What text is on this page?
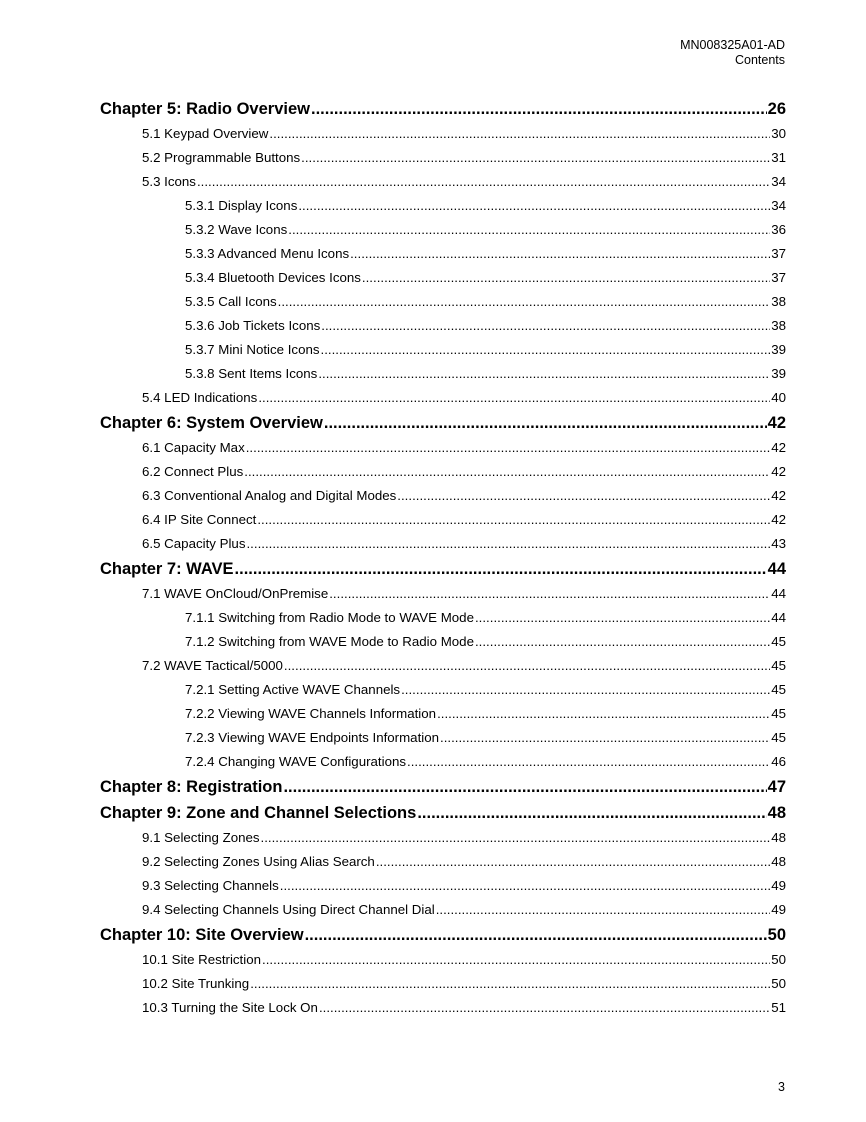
MN008325A01-AD
Contents
Chapter 5: Radio Overview .....	26
5.1 Keypad Overview .....	30
5.2 Programmable Buttons .....	31
5.3 Icons .....	34
5.3.1 Display Icons .....	34
5.3.2 Wave Icons .....	36
5.3.3 Advanced Menu Icons .....	37
5.3.4 Bluetooth Devices Icons .....	37
5.3.5 Call Icons .....	38
5.3.6 Job Tickets Icons .....	38
5.3.7 Mini Notice Icons .....	39
5.3.8 Sent Items Icons .....	39
5.4 LED Indications .....	40
Chapter 6: System Overview .....	42
6.1 Capacity Max .....	42
6.2 Connect Plus .....	42
6.3 Conventional Analog and Digital Modes .....	42
6.4 IP Site Connect .....	42
6.5 Capacity Plus .....	43
Chapter 7: WAVE .....	44
7.1 WAVE OnCloud/OnPremise .....	44
7.1.1 Switching from Radio Mode to WAVE Mode .....	44
7.1.2 Switching from WAVE Mode to Radio Mode .....	45
7.2 WAVE Tactical/5000 .....	45
7.2.1 Setting Active WAVE Channels .....	45
7.2.2 Viewing WAVE Channels Information .....	45
7.2.3 Viewing WAVE Endpoints Information .....	45
7.2.4 Changing WAVE Configurations .....	46
Chapter 8: Registration .....	47
Chapter 9: Zone and Channel Selections .....	48
9.1 Selecting Zones .....	48
9.2 Selecting Zones Using Alias Search .....	48
9.3 Selecting Channels .....	49
9.4 Selecting Channels Using Direct Channel Dial .....	49
Chapter 10: Site Overview .....	50
10.1 Site Restriction .....	50
10.2 Site Trunking .....	50
10.3 Turning the Site Lock On .....	51
3
